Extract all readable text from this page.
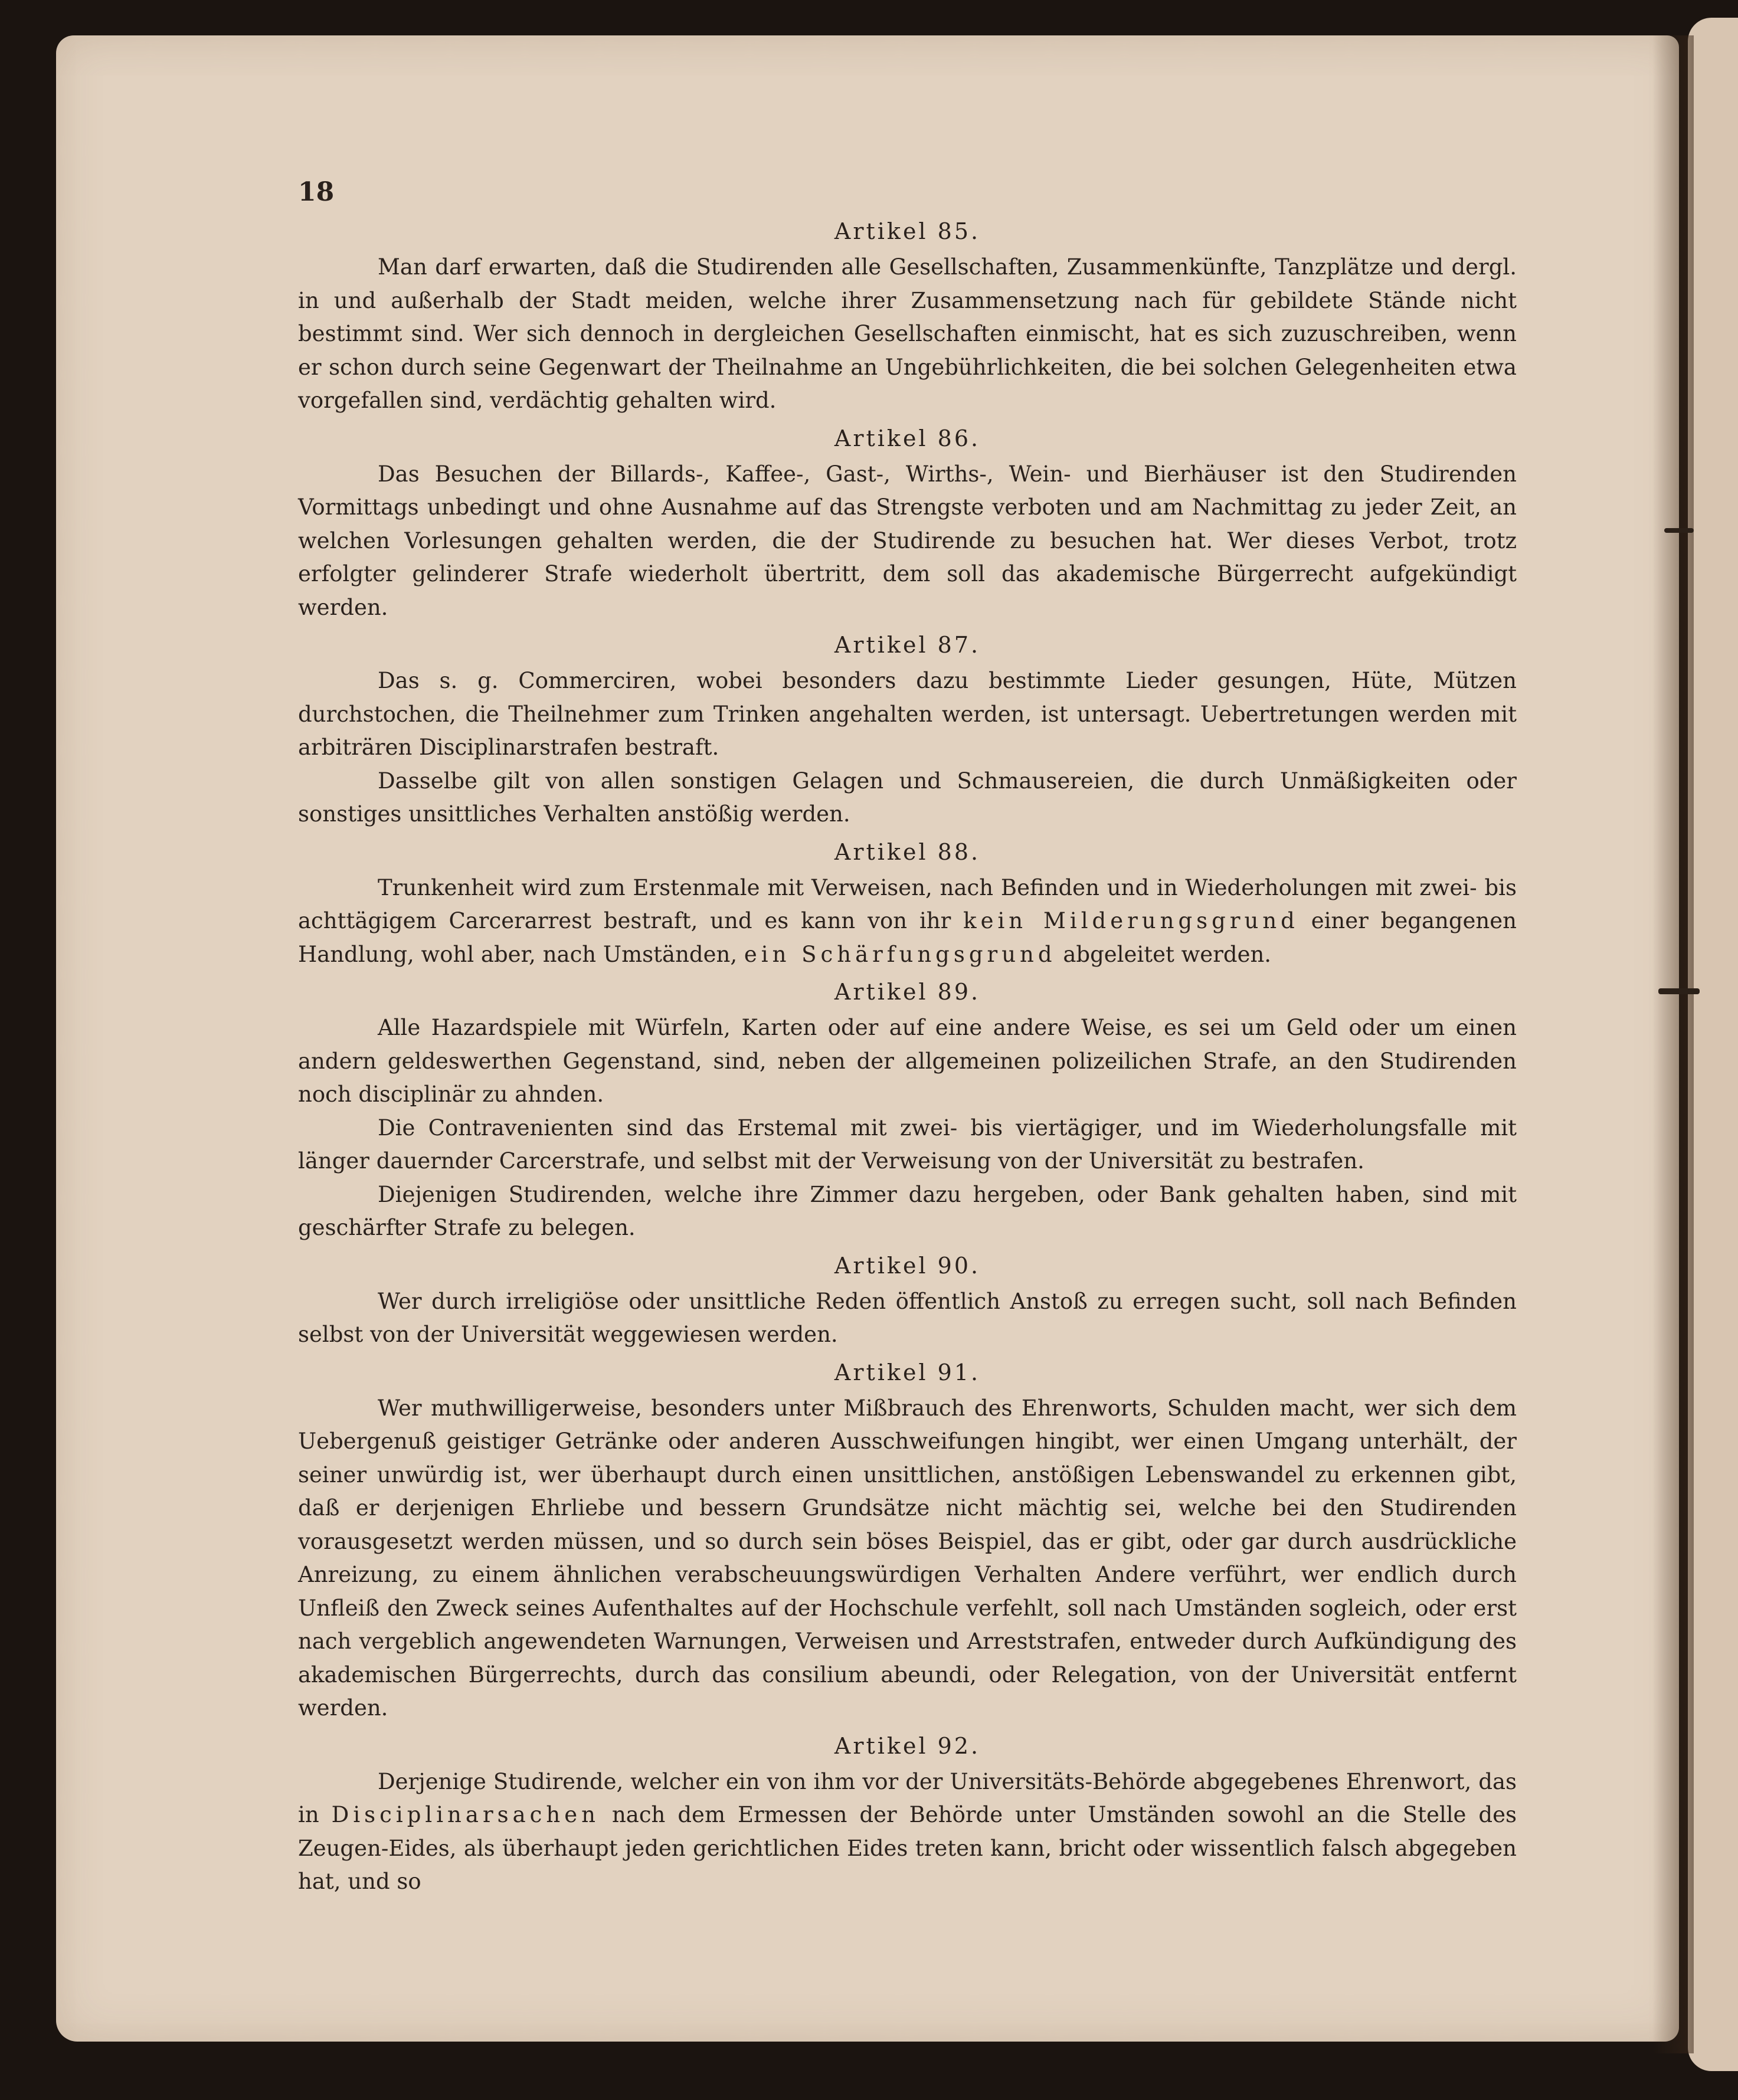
18
Artikel 85.

Man darf erwarten, daß die Studirenden alle Gesellschaften, Zusammenkünfte, Tanzplätze und dergl. in und außerhalb der Stadt meiden, welche ihrer Zusammensetzung nach für gebildete Stände nicht bestimmt sind. Wer sich dennoch in dergleichen Gesellschaften einmischt, hat es sich zuzuschreiben, wenn er schon durch seine Gegenwart der Theilnahme an Ungebührlichkeiten, die bei solchen Gelegenheiten etwa vorgefallen sind, verdächtig gehalten wird.

Artikel 86.

Das Besuchen der Billards-, Kaffee-, Gast-, Wirths-, Wein- und Bierhäuser ist den Studirenden Vormittags unbedingt und ohne Ausnahme auf das Strengste verboten und am Nachmittag zu jeder Zeit, an welchen Vorlesungen gehalten werden, die der Studirende zu besuchen hat. Wer dieses Verbot, trotz erfolgter gelinderer Strafe wiederholt übertritt, dem soll das akademische Bürgerrecht aufgekündigt werden.

Artikel 87.

Das s. g. Commerciren, wobei besonders dazu bestimmte Lieder gesungen, Hüte, Mützen durchstochen, die Theilnehmer zum Trinken angehalten werden, ist untersagt. Uebertretungen werden mit arbiträren Disciplinarstrafen bestraft.

Dasselbe gilt von allen sonstigen Gelagen und Schmausereien, die durch Unmäßigkeiten oder sonstiges unsittliches Verhalten anstößig werden.

Artikel 88.

Trunkenheit wird zum Erstenmale mit Verweisen, nach Befinden und in Wiederholungen mit zwei- bis achttägigem Carcerarrest bestraft, und es kann von ihr kein Milderungsgrund einer begangenen Handlung, wohl aber, nach Umständen, ein Schärfungsgrund abgeleitet werden.

Artikel 89.

Alle Hazardspiele mit Würfeln, Karten oder auf eine andere Weise, es sei um Geld oder um einen andern geldeswerthen Gegenstand, sind, neben der allgemeinen polizeilichen Strafe, an den Studirenden noch disciplinär zu ahnden.

Die Contravenienten sind das Erstemal mit zwei- bis viertägiger, und im Wiederholungsfalle mit länger dauernder Carcerstrafe, und selbst mit der Verweisung von der Universität zu bestrafen.

Diejenigen Studirenden, welche ihre Zimmer dazu hergeben, oder Bank gehalten haben, sind mit geschärfter Strafe zu belegen.

Artikel 90.

Wer durch irreligiöse oder unsittliche Reden öffentlich Anstoß zu erregen sucht, soll nach Befinden selbst von der Universität weggewiesen werden.

Artikel 91.

Wer muthwilligerweise, besonders unter Mißbrauch des Ehrenworts, Schulden macht, wer sich dem Uebergenuß geistiger Getränke oder anderen Ausschweifungen hingibt, wer einen Umgang unterhält, der seiner unwürdig ist, wer überhaupt durch einen unsittlichen, anstößigen Lebenswandel zu erkennen gibt, daß er derjenigen Ehrliebe und bessern Grundsätze nicht mächtig sei, welche bei den Studirenden vorausgesetzt werden müssen, und so durch sein böses Beispiel, das er gibt, oder gar durch ausdrückliche Anreizung, zu einem ähnlichen verabscheuungswürdigen Verhalten Andere verführt, wer endlich durch Unfleiß den Zweck seines Aufenthaltes auf der Hochschule verfehlt, soll nach Umständen sogleich, oder erst nach vergeblich angewendeten Warnungen, Verweisen und Arreststrafen, entweder durch Aufkündigung des akademischen Bürgerrechts, durch das consilium abeundi, oder Relegation, von der Universität entfernt werden.

Artikel 92.

Derjenige Studirende, welcher ein von ihm vor der Universitäts-Behörde abgegebenes Ehrenwort, das in Disciplinarsachen nach dem Ermessen der Behörde unter Umständen sowohl an die Stelle des Zeugen-Eides, als überhaupt jeden gerichtlichen Eides treten kann, bricht oder wissentlich falsch abgegeben hat, und so
